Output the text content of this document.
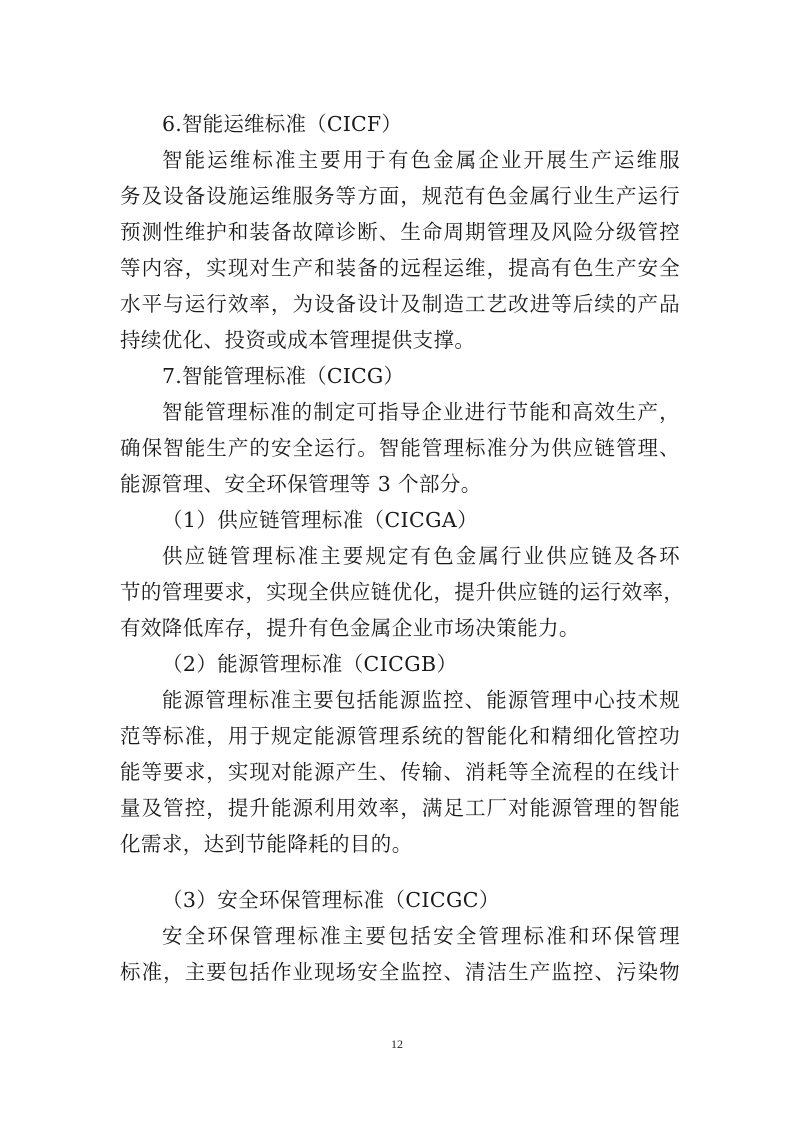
6.智能运维标准（CICF）
智能运维标准主要用于有色金属企业开展生产运维服
务及设备设施运维服务等方面，规范有色金属行业生产运行
预测性维护和装备故障诊断、生命周期管理及风险分级管控
等内容，实现对生产和装备的远程运维，提高有色生产安全
水平与运行效率，为设备设计及制造工艺改进等后续的产品
持续优化、投资或成本管理提供支撑。
7.智能管理标准（CICG）
智能管理标准的制定可指导企业进行节能和高效生产，
确保智能生产的安全运行。智能管理标准分为供应链管理、
能源管理、安全环保管理等 3 个部分。
（1）供应链管理标准（CICGA）
供应链管理标准主要规定有色金属行业供应链及各环
节的管理要求，实现全供应链优化，提升供应链的运行效率，
有效降低库存，提升有色金属企业市场决策能力。
（2）能源管理标准（CICGB）
能源管理标准主要包括能源监控、能源管理中心技术规
范等标准，用于规定能源管理系统的智能化和精细化管控功
能等要求，实现对能源产生、传输、消耗等全流程的在线计
量及管控，提升能源利用效率，满足工厂对能源管理的智能
化需求，达到节能降耗的目的。
（3）安全环保管理标准（CICGC）
安全环保管理标准主要包括安全管理标准和环保管理
标准，主要包括作业现场安全监控、清洁生产监控、污染物
12
